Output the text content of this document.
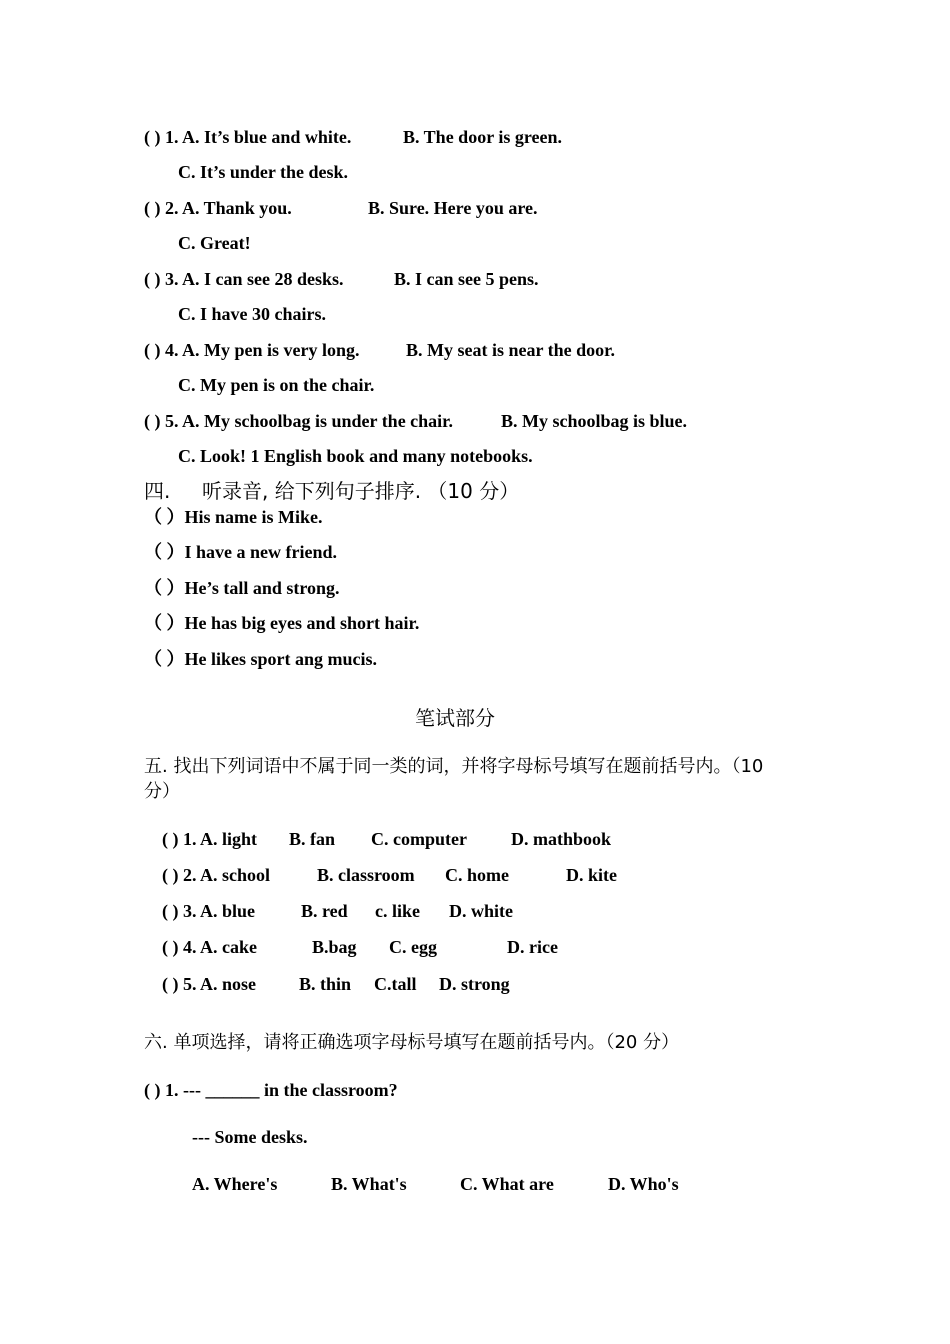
( ) 1. A. It’s blue and white.	B. The door is green.
C. It’s under the desk.
( ) 2. A. Thank you.	B. Sure. Here you are.
C. Great!
( ) 3. A. I can see 28 desks.	B. I can see 5 pens.
C. I have 30 chairs.
( ) 4. A. My pen is very long.	B. My seat is near the door.
C. My pen is on the chair.
( ) 5. A. My schoolbag is under the chair.	B. My schoolbag is blue.
C. Look! 1 English book and many notebooks.
四. 听录音, 给下列句子排序. （10 分）
（ ）His name is Mike.
（ ）I have a new friend.
（ ）He’s tall and strong.
（ ）He has big eyes and short hair.
（ ）He likes sport ang mucis.
笔试部分
五. 找出下列词语中不属于同一类的词，并将字母标号填写在题前括号内。（10
分）
( ) 1. A. light B. fan C. computer D. mathbook
( ) 2. A. school	B. classroom C. home	D. kite
( ) 3. A. blue	B. red c. like D. white
( ) 4. A. cake	B.bag C. egg	D. rice
( ) 5. A. nose B. thin C.tall D. strong
六. 单项选择，请将正确选项字母标号填写在题前括号内。（20 分）
( ) 1. --- ______ in the classroom?
--- Some desks.
A. Where's	B. What's	C. What are	D. Who's
